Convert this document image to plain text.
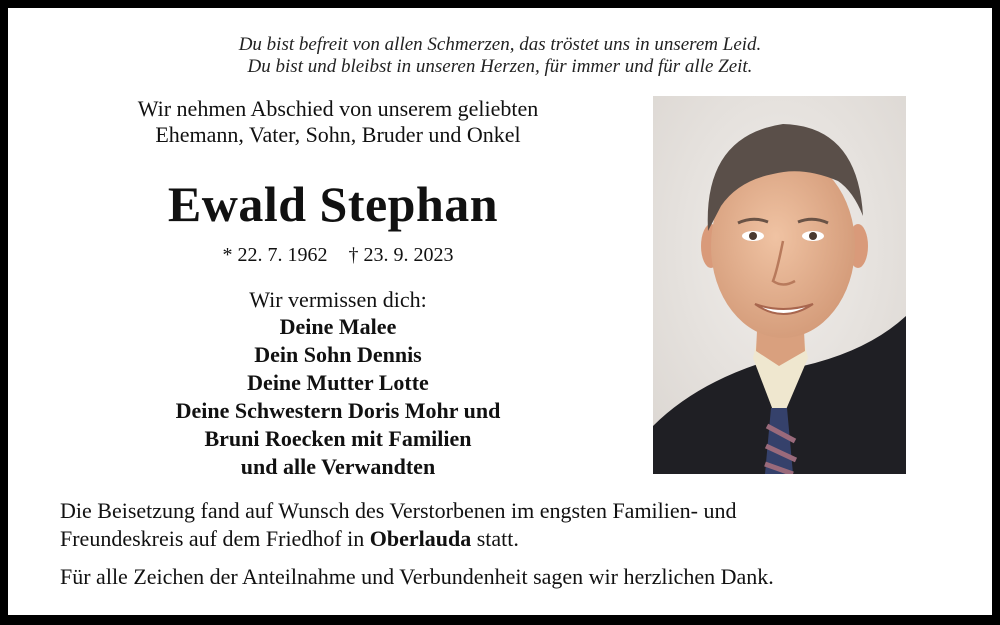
Du bist befreit von allen Schmerzen, das tröstet uns in unserem Leid.
Du bist und bleibst in unseren Herzen, für immer und für alle Zeit.
Wir nehmen Abschied von unserem geliebten
Ehemann, Vater, Sohn, Bruder und Onkel
Ewald Stephan
* 22. 7. 1962 † 23. 9. 2023
Wir vermissen dich:
Deine Malee
Dein Sohn Dennis
Deine Mutter Lotte
Deine Schwestern Doris Mohr und
Bruni Roecken mit Familien
und alle Verwandten
Die Beisetzung fand auf Wunsch des Verstorbenen im engsten Familien- und
Freundeskreis auf dem Friedhof in Oberlauda statt.
Für alle Zeichen der Anteilnahme und Verbundenheit sagen wir herzlichen Dank.
